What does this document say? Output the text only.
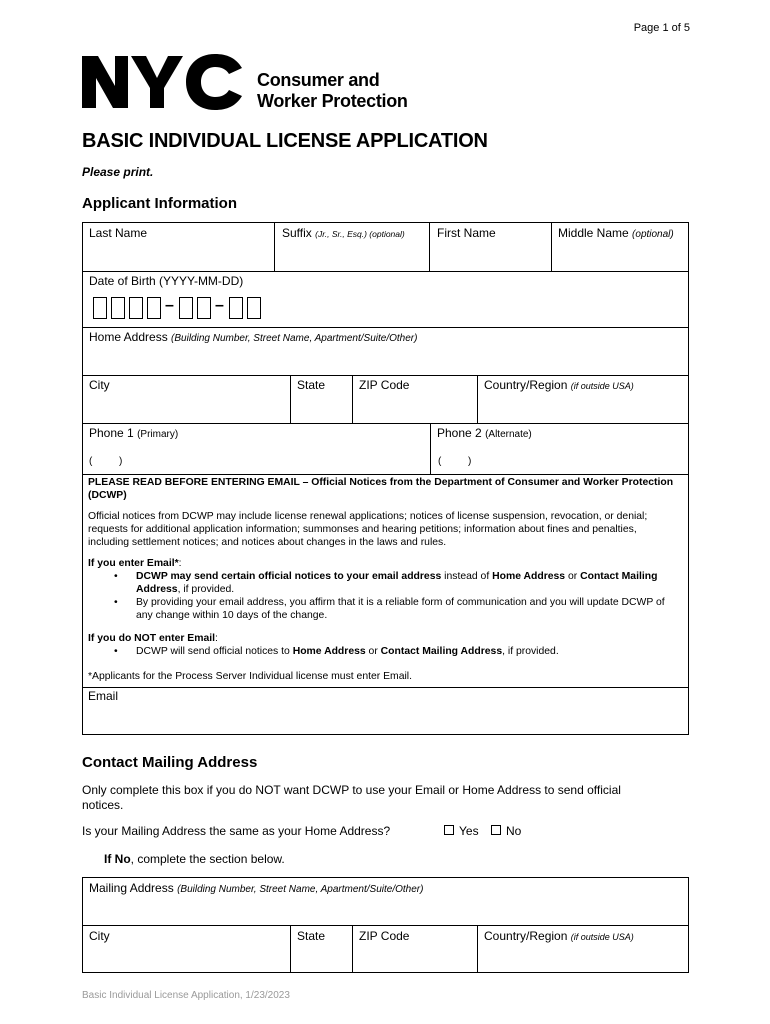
Page 1 of 5
Consumer and
Worker Protection
BASIC INDIVIDUAL LICENSE APPLICATION
Please print.
Applicant Information
Last Name	Suffix (Jr., Sr., Esq.) (optional)	First Name	Middle Name (optional)
Date of Birth (YYYY-MM-DD)
–	–
Home Address (Building Number, Street Name, Apartment/Suite/Other)
City	State	ZIP Code	Country/Region (if outside USA)
Phone 1 (Primary)
(	)
Phone 2 (Alternate)
(	)
PLEASE READ BEFORE ENTERING EMAIL – Official Notices from the Department of Consumer and Worker Protection (DCWP)
Official notices from DCWP may include license renewal applications; notices of license suspension, revocation, or denial; requests for additional application information; summonses and hearing petitions; information about fines and penalties, including settlement notices; and notices about changes in the laws and rules.
If you enter Email*:
• DCWP may send certain official notices to your email address instead of Home Address or Contact Mailing Address, if provided.
• By providing your email address, you affirm that it is a reliable form of communication and you will update DCWP of any change within 10 days of the change.
If you do NOT enter Email:
• DCWP will send official notices to Home Address or Contact Mailing Address, if provided.
*Applicants for the Process Server Individual license must enter Email.
Email
Contact Mailing Address
Only complete this box if you do NOT want DCWP to use your Email or Home Address to send official notices.
Is your Mailing Address the same as your Home Address?	Yes	No
If No, complete the section below.
Mailing Address (Building Number, Street Name, Apartment/Suite/Other)
City	State	ZIP Code	Country/Region (if outside USA)
Basic Individual License Application, 1/23/2023
